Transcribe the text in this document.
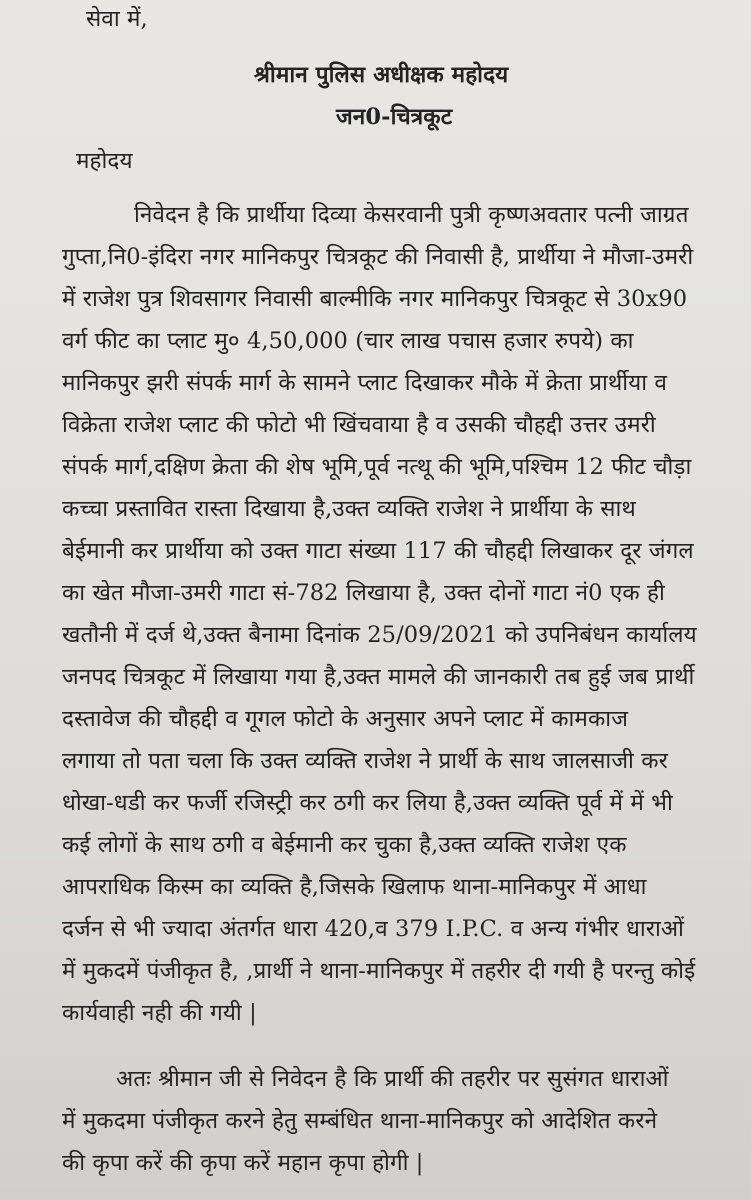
सेवा में,
श्रीमान पुलिस अधीक्षक महोदय
जन0-चित्रकूट
महोदय
निवेदन है कि प्रार्थीया दिव्या केसरवानी पुत्री कृष्णअवतार पत्नी जाग्रत
गुप्ता,नि0-इंदिरा नगर मानिकपुर चित्रकूट की निवासी है, प्रार्थीया ने मौजा-उमरी
में राजेश पुत्र शिवसागर निवासी बाल्मीकि नगर मानिकपुर चित्रकूट से 30x90
वर्ग फीट का प्लाट मु० 4,50,000 (चार लाख पचास हजार रुपये) का
मानिकपुर झरी संपर्क मार्ग के सामने प्लाट दिखाकर मौके में क्रेता प्रार्थीया व
विक्रेता राजेश प्लाट की फोटो भी खिंचवाया है व उसकी चौहद्दी उत्तर उमरी
संपर्क मार्ग,दक्षिण क्रेता की शेष भूमि,पूर्व नत्थू की भूमि,पश्चिम 12 फीट चौड़ा
कच्चा प्रस्तावित रास्ता दिखाया है,उक्त व्यक्ति राजेश ने प्रार्थीया के साथ
बेईमानी कर प्रार्थीया को उक्त गाटा संख्या 117 की चौहद्दी लिखाकर दूर जंगल
का खेत मौजा-उमरी गाटा सं-782 लिखाया है, उक्त दोनों गाटा नं0 एक ही
खतौनी में दर्ज थे,उक्त बैनामा दिनांक 25/09/2021 को उपनिबंधन कार्यालय
जनपद चित्रकूट में लिखाया गया है,उक्त मामले की जानकारी तब हुई जब प्रार्थी
दस्तावेज की चौहद्दी व गूगल फोटो के अनुसार अपने प्लाट में कामकाज
लगाया तो पता चला कि उक्त व्यक्ति राजेश ने प्रार्थी के साथ जालसाजी कर
धोखा-धडी कर फर्जी रजिस्ट्री कर ठगी कर लिया है,उक्त व्यक्ति पूर्व में में भी
कई लोगों के साथ ठगी व बेईमानी कर चुका है,उक्त व्यक्ति राजेश एक
आपराधिक किस्म का व्यक्ति है,जिसके खिलाफ थाना-मानिकपुर में आधा
दर्जन से भी ज्यादा अंतर्गत धारा 420,व 379 I.P.C. व अन्य गंभीर धाराओं
में मुकदमें पंजीकृत है, ,प्रार्थी ने थाना-मानिकपुर में तहरीर दी गयी है परन्तु कोई
कार्यवाही नही की गयी |
अतः श्रीमान जी से निवेदन है कि प्रार्थी की तहरीर पर सुसंगत धाराओं
में मुकदमा पंजीकृत करने हेतु सम्बंधित थाना-मानिकपुर को आदेशित करने
की कृपा करें की कृपा करें महान कृपा होगी |
